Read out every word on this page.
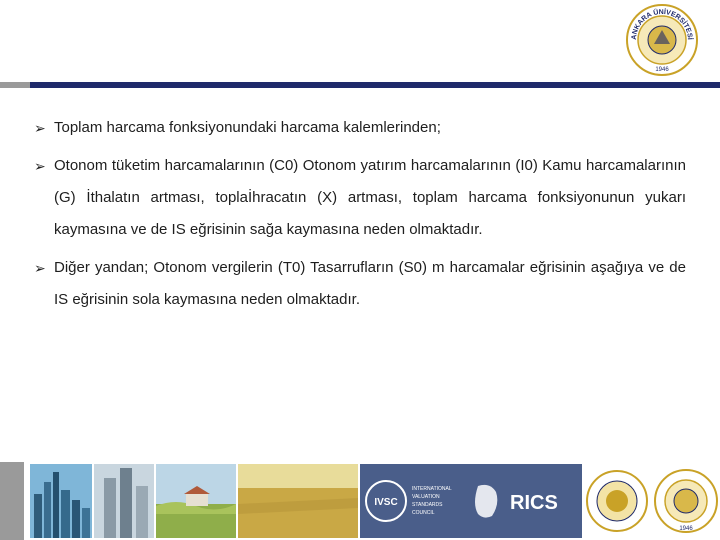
ANKARA ÜNİVERSİTESİ
1946
➢ Toplam harcama fonksiyonundaki harcama kalemlerinden;
➢ Otonom tüketim harcamalarının (C0) Otonom yatırım harcamalarının (I0) Kamu harcamalarının (G) İthalatın artması, toplaİhracatın (X) artması, toplam harcama fonksiyonunun yukarı kaymasına ve de IS eğrisinin sağa kaymasına neden olmaktadır.
➢ Diğer yandan; Otonom vergilerin (T0) Tasarrufların (S0) m harcamalar eğrisinin aşağıya ve de IS eğrisinin sola kaymasına neden olmaktadır.
IVSC
INTERNATIONAL
VALUATION
STANDARDS
COUNCIL	RICS
1946
